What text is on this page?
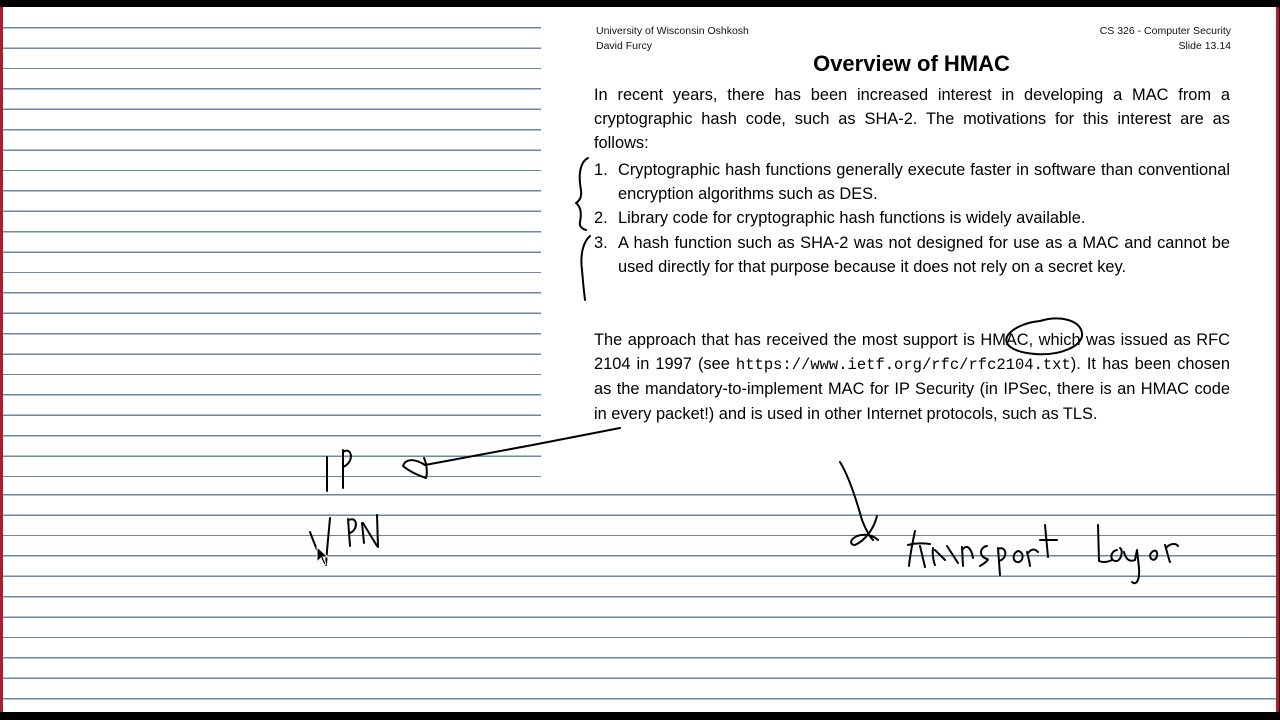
University of Wisconsin Oshkosh
David Furcy
CS 326 - Computer Security
Slide 13.14
Overview of HMAC
In recent years, there has been increased interest in developing a MAC from a cryptographic hash code, such as SHA-2. The motivations for this interest are as follows:
1. Cryptographic hash functions generally execute faster in software than conventional encryption algorithms such as DES.
2. Library code for cryptographic hash functions is widely available.
3. A hash function such as SHA-2 was not designed for use as a MAC and cannot be used directly for that purpose because it does not rely on a secret key.
The approach that has received the most support is HMAC, which was issued as RFC 2104 in 1997 (see https://www.ietf.org/rfc/rfc2104.txt). It has been chosen as the mandatory-to-implement MAC for IP Security (in IPSec, there is an HMAC code in every packet!) and is used in other Internet protocols, such as TLS.
